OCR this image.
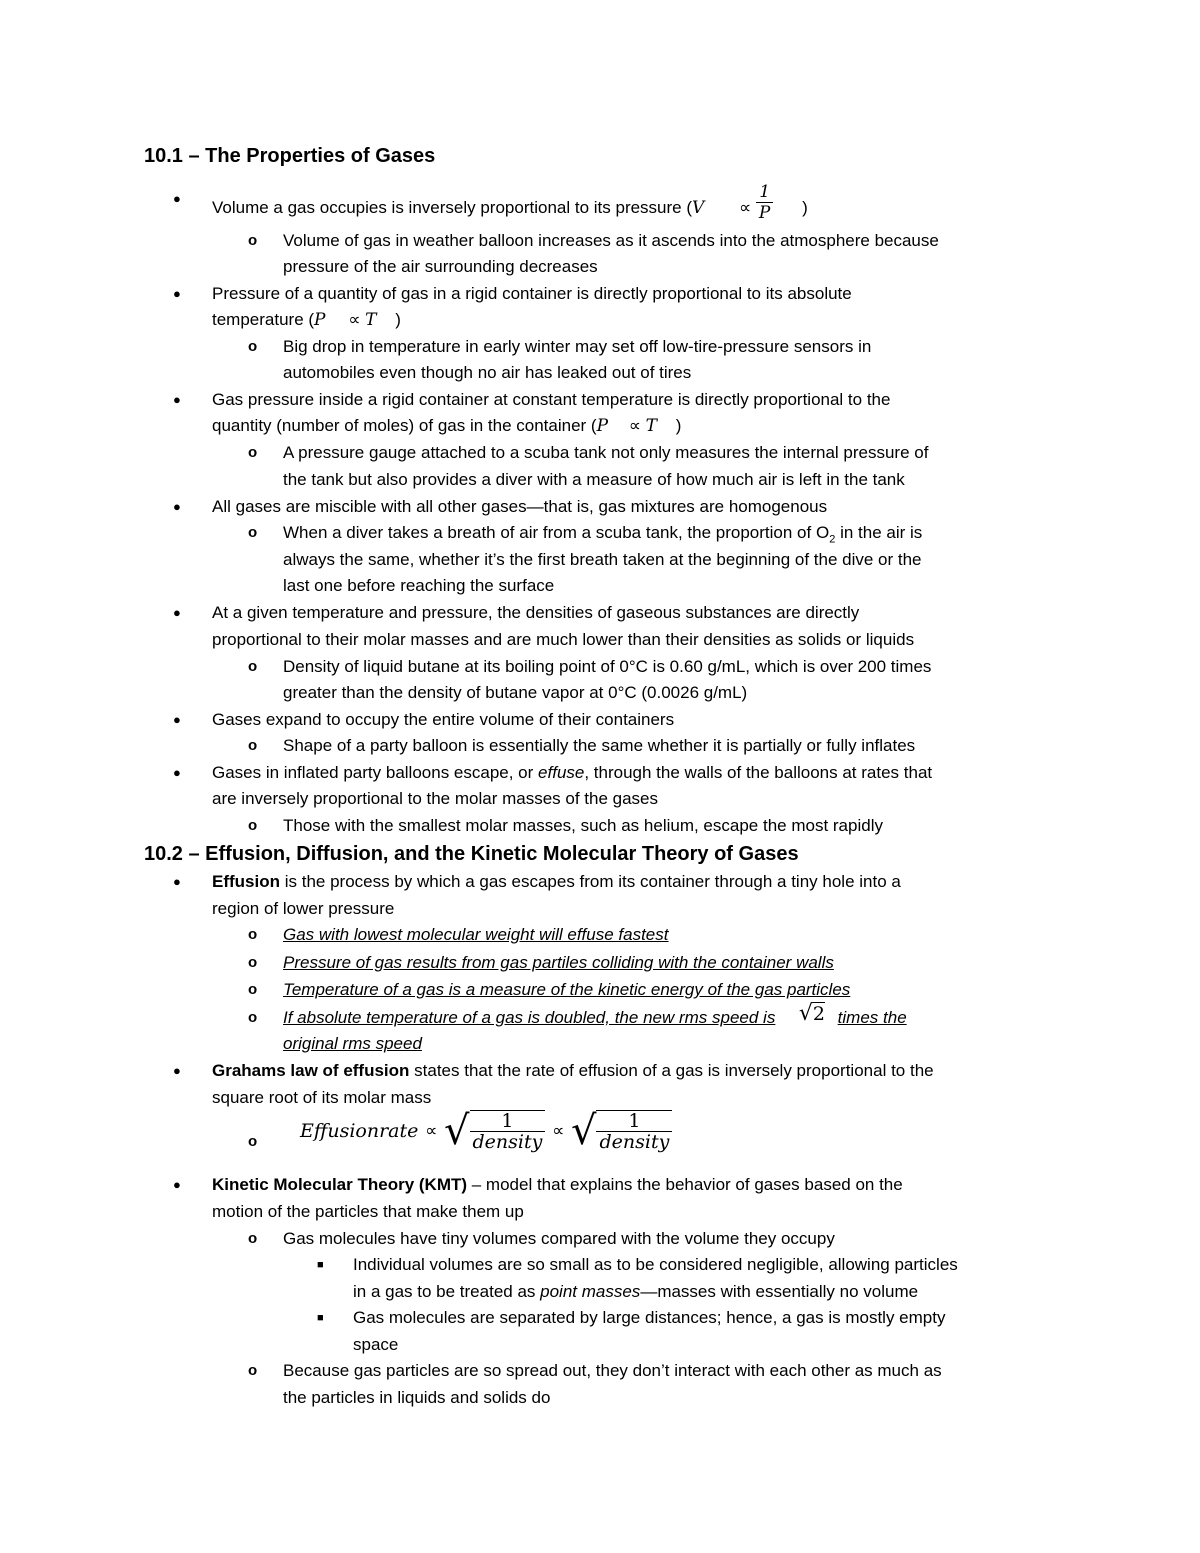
10.1 – The Properties of Gases
● Volume a gas occupies is inversely proportional to its pressure ($V \propto \frac{1}{P}$ )
o Volume of gas in weather balloon increases as it ascends into the atmosphere because
pressure of the air surrounding decreases
● Pressure of a quantity of gas in a rigid container is directly proportional to its absolute
temperature (P ∝ T )
o Big drop in temperature in early winter may set off low-tire-pressure sensors in
automobiles even though no air has leaked out of tires
● Gas pressure inside a rigid container at constant temperature is directly proportional to the
quantity (number of moles) of gas in the container (P ∝ T )
o A pressure gauge attached to a scuba tank not only measures the internal pressure of
the tank but also provides a diver with a measure of how much air is left in the tank
● All gases are miscible with all other gases—that is, gas mixtures are homogenous
o When a diver takes a breath of air from a scuba tank, the proportion of $O_2$ in the air is
always the same, whether it’s the first breath taken at the beginning of the dive or the
last one before reaching the surface
● At a given temperature and pressure, the densities of gaseous substances are directly
proportional to their molar masses and are much lower than their densities as solids or liquids
o Density of liquid butane at its boiling point of 0°C is 0.60 g/mL, which is over 200 times
greater than the density of butane vapor at 0°C (0.0026 g/mL)
● Gases expand to occupy the entire volume of their containers
o Shape of a party balloon is essentially the same whether it is partially or fully inflates
● Gases in inflated party balloons escape, or effuse, through the walls of the balloons at rates that
are inversely proportional to the molar masses of the gases
o Those with the smallest molar masses, such as helium, escape the most rapidly
10.2 – Effusion, Diffusion, and the Kinetic Molecular Theory of Gases
● Effusion is the process by which a gas escapes from its container through a tiny hole into a
region of lower pressure
o Gas with lowest molecular weight will effuse fastest
o Pressure of gas results from gas partiles colliding with the container walls
o Temperature of a gas is a measure of the kinetic energy of the gas particles
o If absolute temperature of a gas is doubled, the new rms speed is √2 times the
original rms speed
● Grahams law of effusion states that the rate of effusion of a gas is inversely proportional to the
square root of its molar mass
o Effusionrate ∝ √ $\frac{1}{\text{density}}$ ∝ √ $\frac{1}{\text{density}}$
● Kinetic Molecular Theory (KMT) – model that explains the behavior of gases based on the
motion of the particles that make them up
o Gas molecules have tiny volumes compared with the volume they occupy
■ Individual volumes are so small as to be considered negligible, allowing particles
in a gas to be treated as point masses—masses with essentially no volume
■ Gas molecules are separated by large distances; hence, a gas is mostly empty
space
o Because gas particles are so spread out, they don’t interact with each other as much as
the particles in liquids and solids do
